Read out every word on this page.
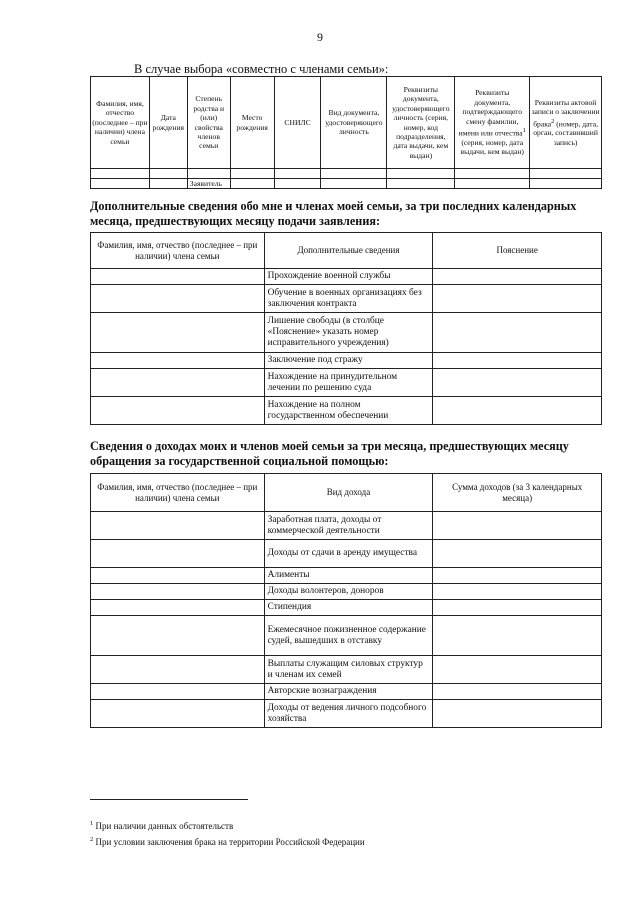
9
В случае выбора «совместно с членами семьи»:
Фамилия, имя, отчество (последнее – при наличии) члена семьи	Дата рождения	Степень родства и (или) свойства членов семьи	Место рождения	СНИЛС	Вид документа, удостоверяющего личность	Реквизиты документа, удостоверяющего личность (серия, номер, код подразделения, дата выдачи, кем выдан)	Реквизиты документа, подтверждающего смену фамилии, имени или отчества$^1$ (серия, номер, дата выдачи, кем выдан)	Реквизиты актовой записи о заключении брака$^2$ (номер, дата, орган, составивший запись)

		Заявитель						
Дополнительные сведения обо мне и членах моей семьи, за три последних календарных месяца, предшествующих месяцу подачи заявления:
Фамилия, имя, отчество (последнее – при наличии) члена семьи	Дополнительные сведения	Пояснение
	Прохождение военной службы	
	Обучение в военных организациях без заключения контракта	
	Лишение свободы (в столбце «Пояснение» указать номер исправительного учреждения)	
	Заключение под стражу	
	Нахождение на принудительном лечении по решению суда	
	Нахождение на полном государственном обеспечении	
Сведения о доходах моих и членов моей семьи за три месяца, предшествующих месяцу обращения за государственной социальной помощью:
Фамилия, имя, отчество (последнее – при наличии) члена семьи	Вид дохода	Сумма доходов (за 3 календарных месяца)
	Заработная плата, доходы от коммерческой деятельности	
	Доходы от сдачи в аренду имущества	
	Алименты	
	Доходы волонтеров, доноров	
	Стипендия	
	Ежемесячное пожизненное содержание судей, вышедших в отставку	
	Выплаты служащим силовых структур и членам их семей	
	Авторские вознаграждения	
	Доходы от ведения личного подсобного хозяйства	
$^1$ При наличии данных обстоятельств
$^2$ При условии заключения брака на территории Российской Федерации
